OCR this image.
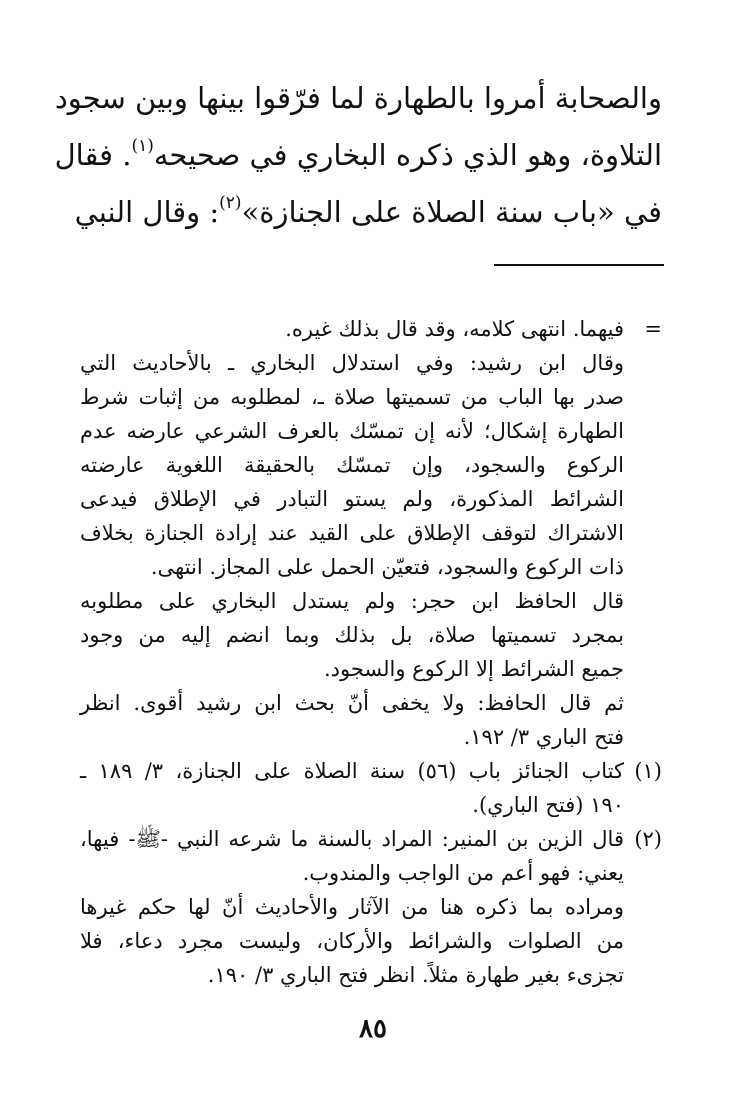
والصحابة أمروا بالطهارة لما فرّقوا بينها وبين سجود
التلاوة، وهو الذي ذكره البخاري في صحيحه$^{(١)}$. فقال
في «باب سنة الصلاة على الجنازة»$^{(٢)}$: وقال النبي
=
فيهما. انتهى كلامه، وقد قال بذلك غيره.
وقال ابن رشيد: وفي استدلال البخاري ـ بالأحاديث التي
صدر بها الباب من تسميتها صلاة ـ، لمطلوبه من إثبات شرط
الطهارة إشكال؛ لأنه إن تمسّك بالعرف الشرعي عارضه عدم
الركوع والسجود، وإن تمسّك بالحقيقة اللغوية عارضته
الشرائط المذكورة، ولم يستو التبادر في الإطلاق فيدعى
الاشتراك لتوقف الإطلاق على القيد عند إرادة الجنازة بخلاف
ذات الركوع والسجود، فتعيّن الحمل على المجاز. انتهى.
قال الحافظ ابن حجر: ولم يستدل البخاري على مطلوبه
بمجرد تسميتها صلاة، بل بذلك وبما انضم إليه من وجود
جميع الشرائط إلا الركوع والسجود.
ثم قال الحافظ: ولا يخفى أنّ بحث ابن رشيد أقوى. انظر
فتح الباري ٣/ ١٩٢.
(١)
كتاب الجنائز باب (٥٦) سنة الصلاة على الجنازة، ٣/ ١٨٩ ـ
١٩٠ (فتح الباري).
(٢)
قال الزين بن المنير: المراد بالسنة ما شرعه النبي -ﷺ- فيها،
يعني: فهو أعم من الواجب والمندوب.
ومراده بما ذكره هنا من الآثار والأحاديث أنّ لها حكم غيرها
من الصلوات والشرائط والأركان، وليست مجرد دعاء، فلا
تجزىء بغير طهارة مثلاً. انظر فتح الباري ٣/ ١٩٠.
٨٥
